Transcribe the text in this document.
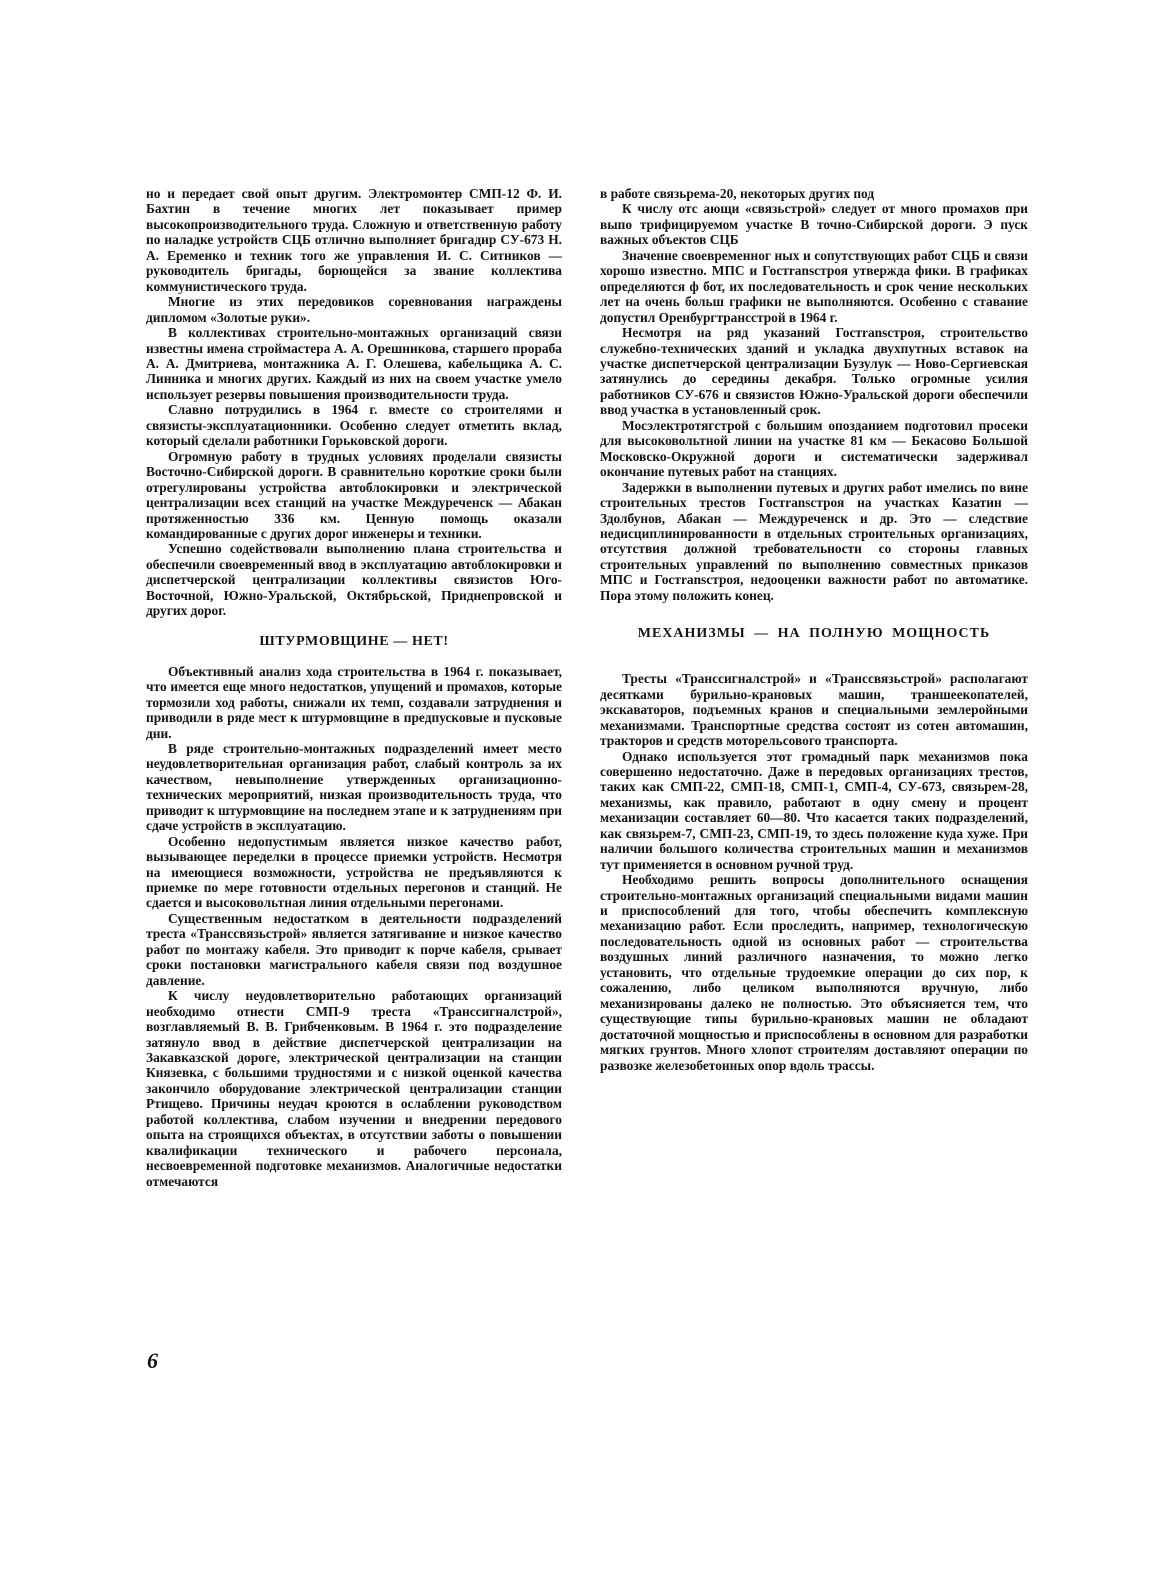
но и передает свой опыт другим. Электромонтер СМП-12 Ф. И. Бахтин в течение многих лет показывает пример высокопроизводительного труда. Сложную и ответственную работу по наладке устройств СЦБ отлично выполняет бригадир СУ-673 Н. А. Еременко и техник того же управления И. С. Ситников — руководитель бригады, борющейся за звание коллектива коммунистического труда.

Многие из этих передовиков соревнования награждены дипломом «Золотые руки».

В коллективах строительно-монтажных организаций связи известны имена строймастера А. А. Орешникова, старшего прораба А. А. Дмитриева, монтажника А. Г. Олешева, кабельщика А. С. Линника и многих других. Каждый из них на своем участке умело использует резервы повышения производительности труда.

Славно потрудились в 1964 г. вместе со строителями и связисты-эксплуатационники. Особенно следует отметить вклад, который сделали работники Горьковской дороги.

Огромную работу в трудных условиях проделали связисты Восточно-Сибирской дороги. В сравнительно короткие сроки были отрегулированы устройства автоблокировки и электрической централизации всех станций на участке Междуреченск — Абакан протяженностью 336 км. Ценную помощь оказали командированные с других дорог инженеры и техники.

Успешно содействовали выполнению плана строительства и обеспечили своевременный ввод в эксплуатацию автоблокировки и диспетчерской централизации коллективы связистов Юго-Восточной, Южно-Уральской, Октябрьской, Приднепровской и других дорог.

ШТУРМОВЩИНЕ — НЕТ!

Объективный анализ хода строительства в 1964 г. показывает, что имеется еще много недостатков, упущений и промахов, которые тормозили ход работы, снижали их темп, создавали затруднения и приводили в ряде мест к штурмовщине в предпусковые и пусковые дни.

В ряде строительно-монтажных подразделений имеет место неудовлетворительная организация работ, слабый контроль за их качеством, невыполнение утвержденных организационно-технических мероприятий, низкая производительность труда, что приводит к штурмовщине на последнем этапе и к затруднениям при сдаче устройств в эксплуатацию.

Особенно недопустимым является низкое качество работ, вызывающее переделки в процессе приемки устройств. Несмотря на имеющиеся возможности, устройства не предъявляются к приемке по мере готовности отдельных перегонов и станций. Не сдается и высоковольтная линия отдельными перегонами.

Существенным недостатком в деятельности подразделений треста «Транссвязьстрой» является затягивание и низкое качество работ по монтажу кабеля. Это приводит к порче кабеля, срывает сроки постановки магистрального кабеля связи под воздушное давление.

К числу неудовлетворительно работающих организаций необходимо отнести СМП-9 треста «Транссигналстрой», возглавляемый В. В. Грибченковым. В 1964 г. это подразделение затянуло ввод в действие диспетчерской централизации на Закавказской дороге, электрической централизации на станции Князевка, с большими трудностями и с низкой оценкой качества закончило оборудование электрической централизации станции Ртищево. Причины неудач кроются в ослаблении руководством работой коллектива, слабом изучении и внедрении передового опыта на строящихся объектах, в отсутствии заботы о повышении квалификации технического и рабочего персонала, несвоевременной подготовке механизмов. Аналогичные недостатки отмечаются

в работе связьрема-20, некоторых других под

К числу отс ающи «связьстрой» следует от много промахов при выпо трифицируемом участке В точно-Сибирской дороги. Э пуск важных объектов СЦБ

Значение своевременног ных и сопутствующих работ СЦБ и связи хорошо известно. МПС и Гостransстроя утвержда фики. В графиках определяются ф бот, их последовательность и срок чение нескольких лет на очень больш графики не выполняются. Особенно с ставание допустил Оренбургтрансстрой в 1964 г.

Несмотря на ряд указаний Гостransстроя, строительство служебно-технических зданий и укладка двухпутных вставок на участке диспетчерской централизации Бузулук — Ново-Сергиевская затянулись до середины декабря. Только огромные усилия работников СУ-676 и связистов Южно-Уральской дороги обеспечили ввод участка в установленный срок.

Мосэлектротягстрой с большим опозданием подготовил просеки для высоковольтной линии на участке 81 км — Бекасово Большой Московско-Окружной дороги и систематически задерживал окончание путевых работ на станциях.

Задержки в выполнении путевых и других работ имелись по вине строительных трестов Гостransстроя на участках Казатин — Здолбунов, Абакан — Междуреченск и др. Это — следствие недисциплинированности в отдельных строительных организациях, отсутствия должной требовательности со стороны главных строительных управлений по выполнению совместных приказов МПС и Гостransстроя, недооценки важности работ по автоматике. Пора этому положить конец.

МЕХАНИЗМЫ — НА ПОЛНУЮ МОЩНОСТЬ

Тресты «Транссигналстрой» и «Транссвязьстрой» располагают десятками бурильно-крановых машин, траншеекопателей, экскаваторов, подъемных кранов и специальными землеройными механизмами. Транспортные средства состоят из сотен автомашин, тракторов и средств моторельсового транспорта.

Однако используется этот громадный парк механизмов пока совершенно недостаточно. Даже в передовых организациях трестов, таких как СМП-22, СМП-18, СМП-1, СМП-4, СУ-673, связьрем-28, механизмы, как правило, работают в одну смену и процент механизации составляет 60—80. Что касается таких подразделений, как связьрем-7, СМП-23, СМП-19, то здесь положение куда хуже. При наличии большого количества строительных машин и механизмов тут применяется в основном ручной труд.

Необходимо решить вопросы дополнительного оснащения строительно-монтажных организаций специальными видами машин и приспособлений для того, чтобы обеспечить комплексную механизацию работ. Если проследить, например, технологическую последовательность одной из основных работ — строительства воздушных линий различного назначения, то можно легко установить, что отдельные трудоемкие операции до сих пор, к сожалению, либо целиком выполняются вручную, либо механизированы далеко не полностью. Это объясняется тем, что существующие типы бурильно-крановых машин не обладают достаточной мощностью и приспособлены в основном для разработки мягких грунтов. Много хлопот строителям доставляют операции по развозке железобетонных опор вдоль трассы.

6
